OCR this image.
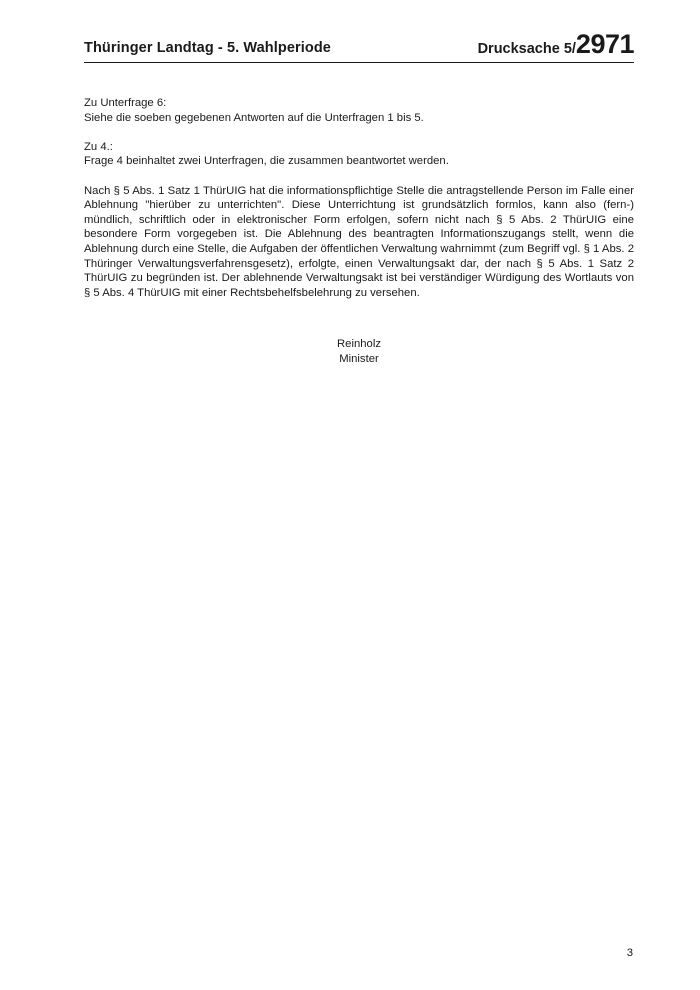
Thüringer Landtag - 5. Wahlperiode	Drucksache 5/2971

Zu Unterfrage 6:
Siehe die soeben gegebenen Antworten auf die Unterfragen 1 bis 5.

Zu 4.:
Frage 4 beinhaltet zwei Unterfragen, die zusammen beantwortet werden.

Nach § 5 Abs. 1 Satz 1 ThürUIG hat die informationspflichtige Stelle die antragstellende Person im Falle einer Ablehnung "hierüber zu unterrichten". Diese Unterrichtung ist grundsätzlich formlos, kann also (fern-) mündlich, schriftlich oder in elektronischer Form erfolgen, sofern nicht nach § 5 Abs. 2 ThürUIG eine besondere Form vorgegeben ist. Die Ablehnung des beantragten Informationszugangs stellt, wenn die Ablehnung durch eine Stelle, die Aufgaben der öffentlichen Verwaltung wahrnimmt (zum Begriff vgl. § 1 Abs. 2 Thüringer Verwaltungsverfahrensgesetz), erfolgte, einen Verwaltungsakt dar, der nach § 5 Abs. 1 Satz 2 ThürUIG zu begründen ist. Der ablehnende Verwaltungsakt ist bei verständiger Würdigung des Wortlauts von § 5 Abs. 4 ThürUIG mit einer Rechtsbehelfsbelehrung zu versehen.

Reinholz
Minister
3
